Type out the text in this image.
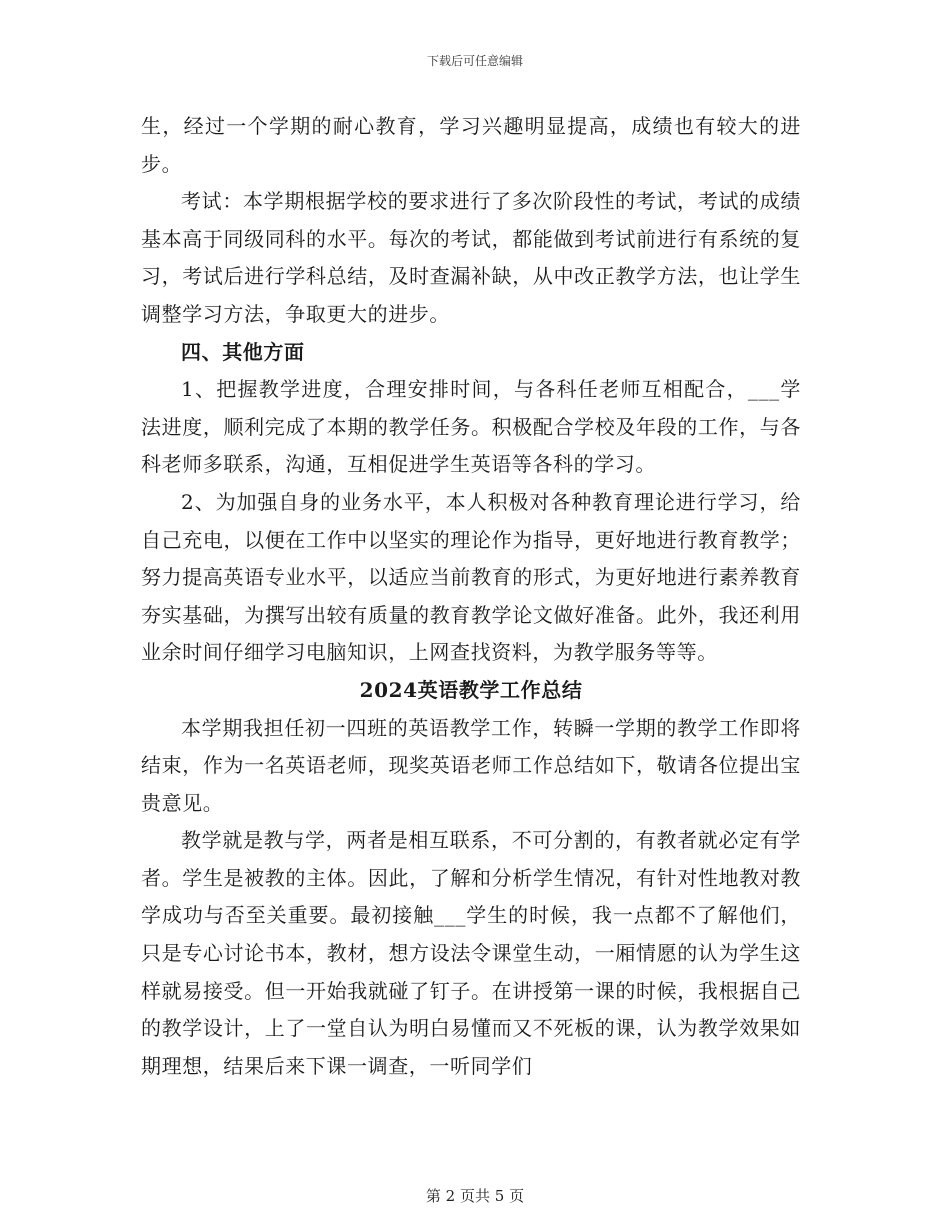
下载后可任意编辑

生，经过一个学期的耐心教育，学习兴趣明显提高，成绩也有较大的进步。

考试：本学期根据学校的要求进行了多次阶段性的考试，考试的成绩基本高于同级同科的水平。每次的考试，都能做到考试前进行有系统的复习，考试后进行学科总结，及时查漏补缺，从中改正教学方法，也让学生调整学习方法，争取更大的进步。

四、其他方面

1、把握教学进度，合理安排时间，与各科任老师互相配合，___学法进度，顺利完成了本期的教学任务。积极配合学校及年段的工作，与各科老师多联系，沟通，互相促进学生英语等各科的学习。

2、为加强自身的业务水平，本人积极对各种教育理论进行学习，给自己充电，以便在工作中以坚实的理论作为指导，更好地进行教育教学；努力提高英语专业水平，以适应当前教育的形式，为更好地进行素养教育夯实基础，为撰写出较有质量的教育教学论文做好准备。此外，我还利用业余时间仔细学习电脑知识，上网查找资料，为教学服务等等。

2024英语教学工作总结

本学期我担任初一四班的英语教学工作，转瞬一学期的教学工作即将结束，作为一名英语老师，现奖英语老师工作总结如下，敬请各位提出宝贵意见。

教学就是教与学，两者是相互联系，不可分割的，有教者就必定有学者。学生是被教的主体。因此，了解和分析学生情况，有针对性地教对教学成功与否至关重要。最初接触___学生的时候，我一点都不了解他们，只是专心讨论书本，教材，想方设法令课堂生动，一厢情愿的认为学生这样就易接受。但一开始我就碰了钉子。在讲授第一课的时候，我根据自己的教学设计，上了一堂自认为明白易懂而又不死板的课，认为教学效果如期理想，结果后来下课一调查，一听同学们

第 2 页共 5 页
